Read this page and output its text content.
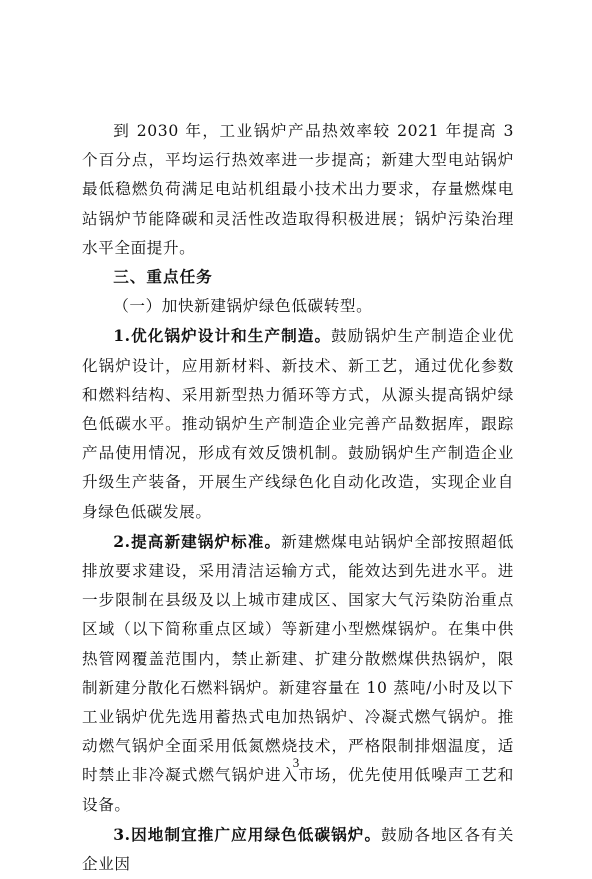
到 2030 年，工业锅炉产品热效率较 2021 年提高 3 个百分点，平均运行热效率进一步提高；新建大型电站锅炉最低稳燃负荷满足电站机组最小技术出力要求，存量燃煤电站锅炉节能降碳和灵活性改造取得积极进展；锅炉污染治理水平全面提升。

三、重点任务

（一）加快新建锅炉绿色低碳转型。

1.优化锅炉设计和生产制造。鼓励锅炉生产制造企业优化锅炉设计，应用新材料、新技术、新工艺，通过优化参数和燃料结构、采用新型热力循环等方式，从源头提高锅炉绿色低碳水平。推动锅炉生产制造企业完善产品数据库，跟踪产品使用情况，形成有效反馈机制。鼓励锅炉生产制造企业升级生产装备，开展生产线绿色化自动化改造，实现企业自身绿色低碳发展。

2.提高新建锅炉标准。新建燃煤电站锅炉全部按照超低排放要求建设，采用清洁运输方式，能效达到先进水平。进一步限制在县级及以上城市建成区、国家大气污染防治重点区域（以下简称重点区域）等新建小型燃煤锅炉。在集中供热管网覆盖范围内，禁止新建、扩建分散燃煤供热锅炉，限制新建分散化石燃料锅炉。新建容量在 10 蒸吨/小时及以下工业锅炉优先选用蓄热式电加热锅炉、冷凝式燃气锅炉。推动燃气锅炉全面采用低氮燃烧技术，严格限制排烟温度，适时禁止非冷凝式燃气锅炉进入市场，优先使用低噪声工艺和设备。

3.因地制宜推广应用绿色低碳锅炉。鼓励各地区各有关企业因

3
